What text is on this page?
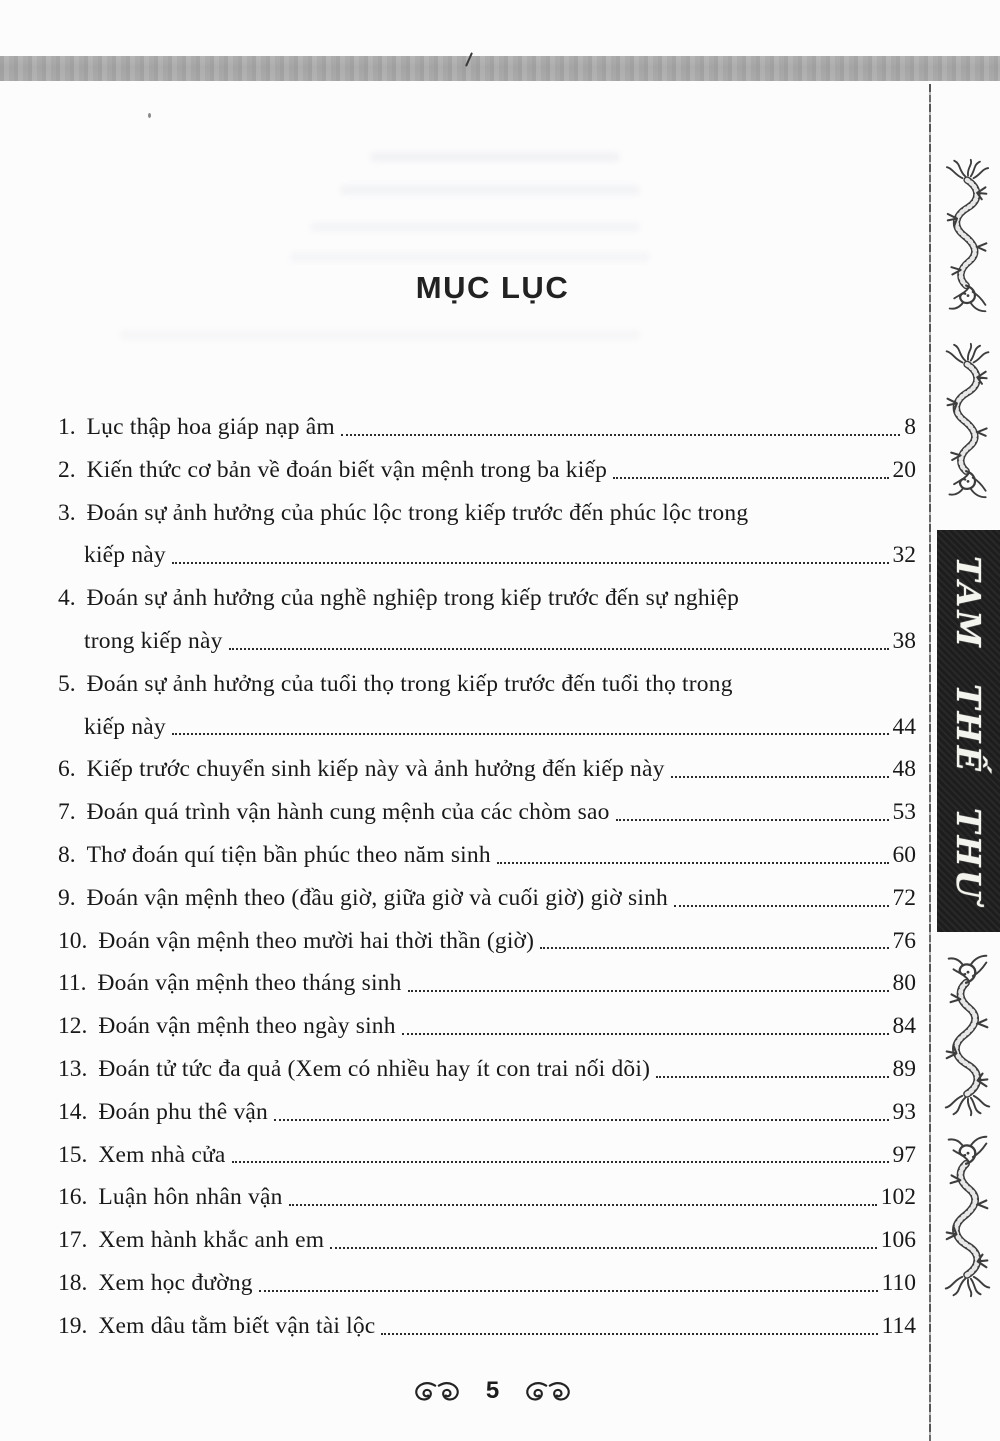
MỤC LỤC
1. Lục thập hoa giáp nạp âm	8
2. Kiến thức cơ bản về đoán biết vận mệnh trong ba kiếp	20
3. Đoán sự ảnh hưởng của phúc lộc trong kiếp trước đến phúc lộc trong
kiếp này	32
4. Đoán sự ảnh hưởng của nghề nghiệp trong kiếp trước đến sự nghiệp
trong kiếp này	38
5. Đoán sự ảnh hưởng của tuổi thọ trong kiếp trước đến tuổi thọ trong
kiếp này	44
6. Kiếp trước chuyển sinh kiếp này và ảnh hưởng đến kiếp này	48
7. Đoán quá trình vận hành cung mệnh của các chòm sao	53
8. Thơ đoán quí tiện bần phúc theo năm sinh	60
9. Đoán vận mệnh theo (đầu giờ, giữa giờ và cuối giờ) giờ sinh	72
10. Đoán vận mệnh theo mười hai thời thần (giờ)	76
11. Đoán vận mệnh theo tháng sinh	80
12. Đoán vận mệnh theo ngày sinh	84
13. Đoán tử tức đa quả (Xem có nhiều hay ít con trai nối dõi)	89
14. Đoán phu thê vận	93
15. Xem nhà cửa	97
16. Luận hôn nhân vận	102
17. Xem hành khắc anh em	106
18. Xem học đường	110
19. Xem dâu tằm biết vận tài lộc	114
5
TAM
THẾ
THƯ
